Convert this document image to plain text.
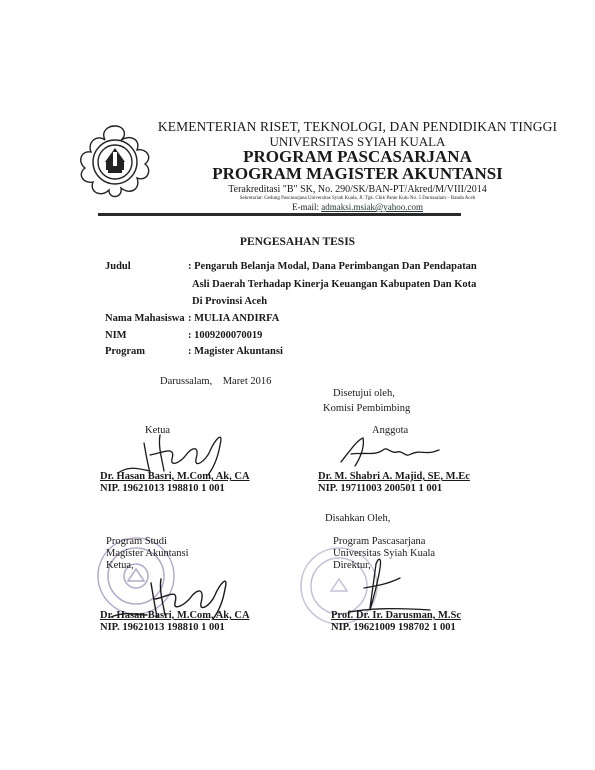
KEMENTERIAN RISET, TEKNOLOGI, DAN PENDIDIKAN TINGGI
UNIVERSITAS SYIAH KUALA
PROGRAM PASCASARJANA
PROGRAM MAGISTER AKUNTANSI
Terakreditasi "B" SK, No. 290/SK/BAN-PT/Akred/M/VIII/2014
Sekretariat: Gedung Pascasarjana Universitas Syiah Kuala, Jl. Tgk. Chik Pante Kulu No. 5 Darussalam – Banda Aceh
E-mail: admaksi.msiak@yahoo.com
PENGESAHAN TESIS
Judul	: Pengaruh Belanja Modal, Dana Perimbangan Dan Pendapatan
Asli Daerah Terhadap Kinerja Keuangan Kabupaten Dan Kota
Di Provinsi Aceh
Nama Mahasiswa : MULIA ANDIRFA
NIM	: 1009200070019
Program	: Magister Akuntansi
Darussalam,    Maret 2016
Disetujui oleh,
Komisi Pembimbing
Ketua	Anggota
Dr. Hasan Basri, M.Com, Ak, CA
NIP. 19621013 198810 1 001
Dr. M. Shabri A. Majid, SE, M.Ec
NIP. 19711003 200501 1 001
Disahkan Oleh,
Program Studi
Magister Akuntansi
Ketua,
Dr. Hasan Basri, M.Com, Ak, CA
NIP. 19621013 198810 1 001
Program Pascasarjana
Universitas Syiah Kuala
Direktur,
Prof. Dr. Ir. Darusman, M.Sc
NIP. 19621009 198702 1 001
